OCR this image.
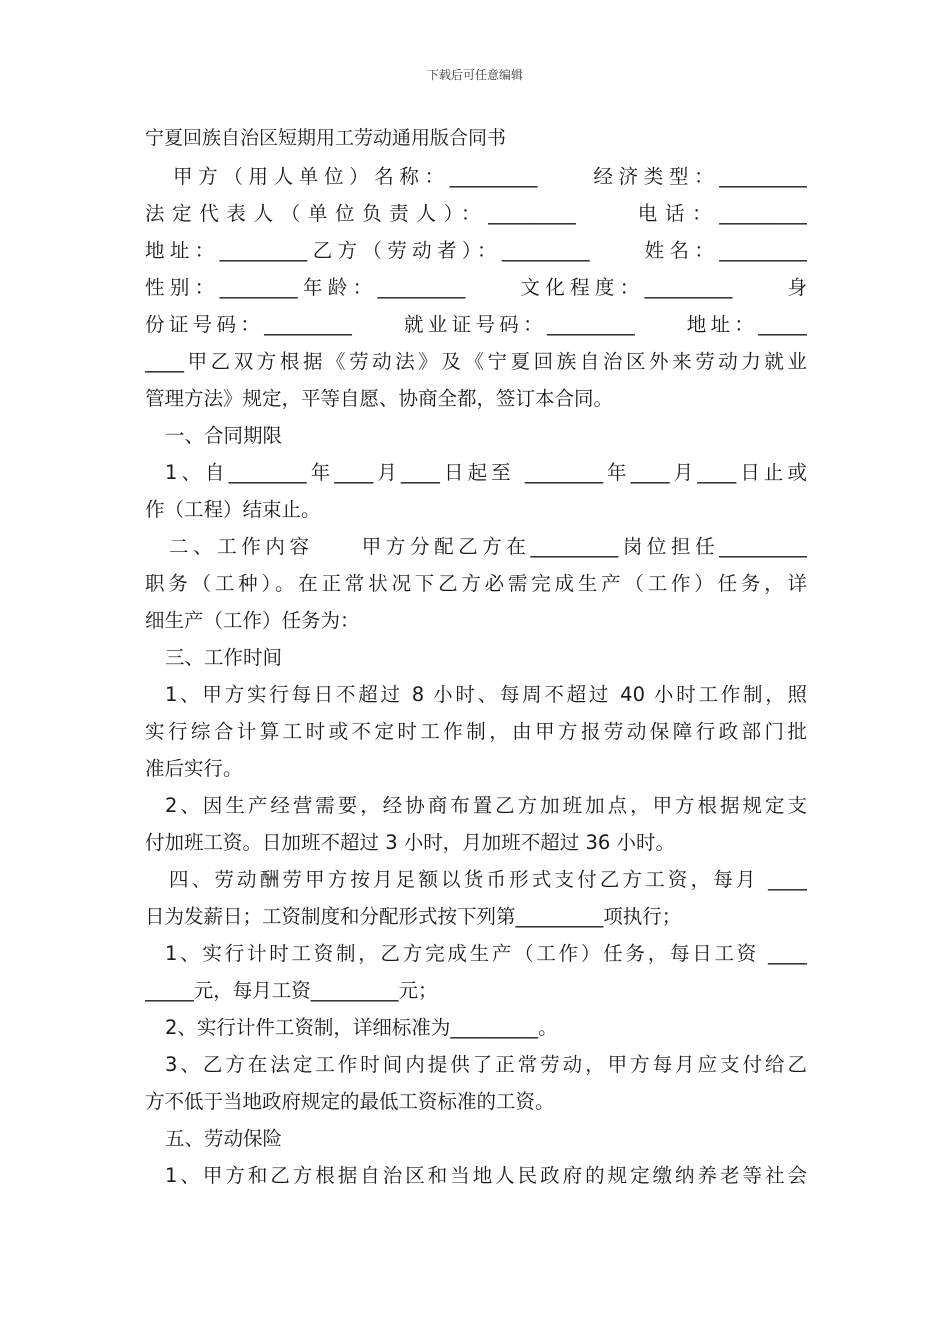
下载后可任意编辑
宁夏回族自治区短期用工劳动通用版合同书
甲方（用人单位）名称：_________　　经济类型：_________
法定代表人（单位负责人）：_________　　电话：_________
地址：_________乙方（劳动者）：_________　　姓名：_________
性别：________年龄：_________　　文化程度：_________　　身
份证号码：_________　　就业证号码：_________　　地址：_____
____甲乙双方根据《劳动法》及《宁夏回族自治区外来劳动力就业
管理方法》规定，平等自愿、协商全都，签订本合同。
一、合同期限
1、自________年____月____日起至 ________年____月____日止或
作（工程）结束止。
二、工作内容　　甲方分配乙方在_________岗位担任_________
职务（工种）。在正常状况下乙方必需完成生产（工作）任务，详
细生产（工作）任务为：
三、工作时间
1、甲方实行每日不超过 8 小时、每周不超过 40 小时工作制，照
实行综合计算工时或不定时工作制，由甲方报劳动保障行政部门批
准后实行。
2、因生产经营需要，经协商布置乙方加班加点，甲方根据规定支
付加班工资。日加班不超过 3 小时，月加班不超过 36 小时。
四、劳动酬劳甲方按月足额以货币形式支付乙方工资，每月 ____
日为发薪日；工资制度和分配形式按下列第_________项执行；
1、实行计时工资制，乙方完成生产（工作）任务，每日工资 ____
_____元，每月工资_________元；
2、实行计件工资制，详细标准为_________。
3、乙方在法定工作时间内提供了正常劳动，甲方每月应支付给乙
方不低于当地政府规定的最低工资标准的工资。
五、劳动保险
1、甲方和乙方根据自治区和当地人民政府的规定缴纳养老等社会
